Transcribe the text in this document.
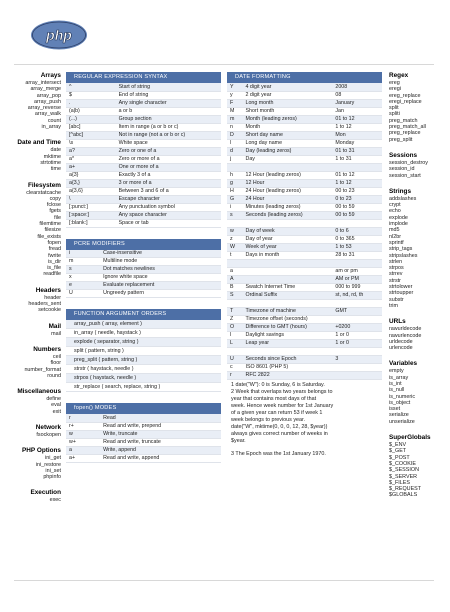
php
Arrays
array_intersect
array_merge
array_pop
array_push
array_reverse
array_walk
count
in_array
Date and Time
date
mktime
strtotime
time
Filesystem
clearstatcache
copy
fclose
fgets
file
filemtime
filesize
file_exists
fopen
fread
fwrite
is_dir
is_file
readfile
Headers
header
headers_sent
setcookie
Mail
mail
Numbers
ceil
floor
number_format
round
Miscellaneous
define
eval
exit
Network
fsockopen
PHP Options
ini_get
ini_restore
ini_set
phpinfo
Execution
exec
Regex
ereg
eregi
ereg_replace
eregi_replace
split
spliti
preg_match
preg_match_all
preg_replace
preg_split
Sessions
session_destroy
session_id
session_start
Strings
addslashes
crypt
echo
explode
implode
md5
nl2br
sprintf
strip_tags
stripslashes
strlen
strpos
strrev
strstr
strtolower
strtoupper
substr
trim
URLs
rawurldecode
rawurlencode
urldecode
urlencode
Variables
empty
is_array
is_int
is_null
is_numeric
is_object
isset
serialize
unserialize
SuperGlobals
$_ENV
$_GET
$_POST
$_COOKIE
$_SESSION
$_SERVER
$_FILES
$_REQUEST
$GLOBALS
REGULAR EXPRESSION SYNTAX
^	Start of string
$	End of string
.	Any single character
(a|b)	a or b
(...)	Group section
[abc]	Item in range (a or b or c)
[^abc]	Not in range (not a or b or c)
\s	White space
a?	Zero or one of a
a*	Zero or more of a
a+	One or more of a
a{3}	Exactly 3 of a
a{3,}	3 or more of a
a{3,6}	Between 3 and 6 of a
\	Escape character
[:punct:]	Any punctuation symbol
[:space:]	Any space character
[:blank:]	Space or tab
PCRE MODIFIERS
i	Case-insensitive
m	Multiline mode
s	Dot matches newlines
x	Ignore white space
e	Evaluate replacement
U	Ungreedy pattern
FUNCTION ARGUMENT ORDERS
array_push ( array, element )
in_array ( needle, haystack )
explode ( separator, string )
split ( pattern, string )
preg_split ( pattern, string )
strstr ( haystack, needle )
strpos ( haystack, needle )
str_replace ( search, replace, string )
fopen() MODES
r	Read
r+	Read and write, prepend
w	Write, truncate
w+	Read and write, truncate
a	Write, append
a+	Read and write, append
DATE FORMATTING
Y	4 digit year	2008
y	2 digit year	08
F	Long month	January
M	Short month	Jan
m	Month (leading zeros)	01 to 12
n	Month	1 to 12
D	Short day name	Mon
l	Long day name	Monday
d	Day (leading zeros)	01 to 31
j	Day	1 to 31

h	12 Hour (leading zeros)	01 to 12
g	12 Hour	1 to 12
H	24 Hour (leading zeros)	00 to 23
G	24 Hour	0 to 23
i	Minutes (leading zeros)	00 to 59
s	Seconds (leading zeros)	00 to 59

w	Day of week	0 to 6
z	Day of year	0 to 365
W	Week of year	1 to 53
t	Days in month	28 to 31

a		am or pm
A		AM or PM
B	Swatch Internet Time	000 to 999
S	Ordinal Suffix	st, nd, rd, th

T	Timezone of machine	GMT
Z	Timezone offset (seconds)	
O	Difference to GMT (hours)	+0200
I	Daylight savings	1 or 0
L	Leap year	1 or 0

U	Seconds since Epoch	3
c	ISO 8601 (PHP 5)	
r	RFC 2822	
1 date("W"): 0 is Sunday, 6 is Saturday.
2 Week that overlaps two years belongs to
year that contains most days of that
week. Hence week number for 1st January
of a given year can return 53 if week 1
week belongs to previous year.
date("W", mktime(0, 0, 0, 12, 28, $year))
always gives correct number of weeks in
$year.
3 The Epoch was the 1st January 1970.
